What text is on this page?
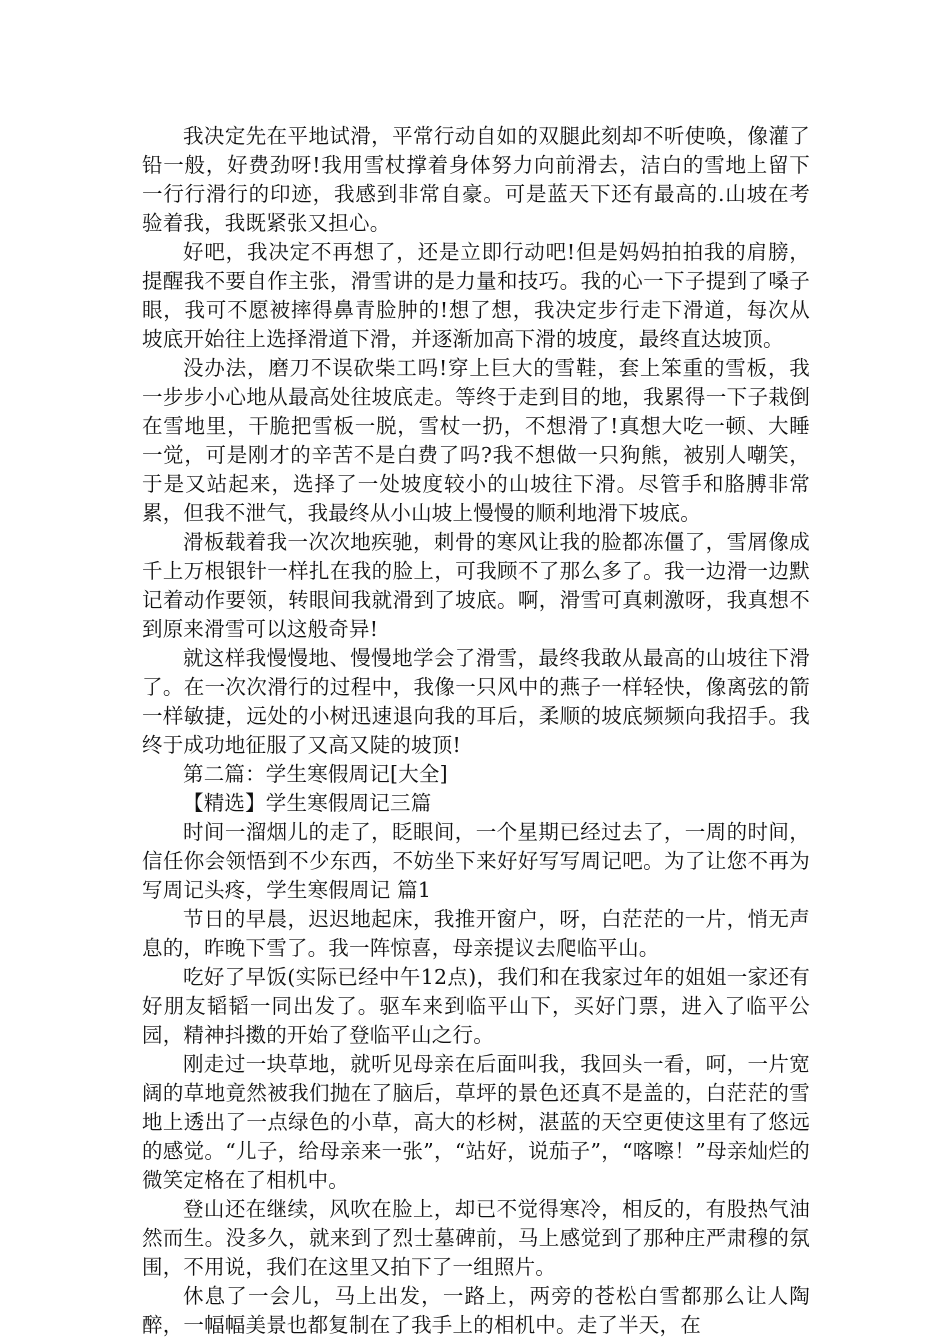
我决定先在平地试滑，平常行动自如的双腿此刻却不听使唤，像灌了铅一般，好费劲呀!我用雪杖撑着身体努力向前滑去，洁白的雪地上留下一行行滑行的印迹，我感到非常自豪。可是蓝天下还有最高的.山坡在考验着我，我既紧张又担心。

好吧，我决定不再想了，还是立即行动吧!但是妈妈拍拍我的肩膀，提醒我不要自作主张，滑雪讲的是力量和技巧。我的心一下子提到了嗓子眼，我可不愿被摔得鼻青脸肿的!想了想，我决定步行走下滑道，每次从坡底开始往上选择滑道下滑，并逐渐加高下滑的坡度，最终直达坡顶。

没办法，磨刀不误砍柴工吗!穿上巨大的雪鞋，套上笨重的雪板，我一步步小心地从最高处往坡底走。等终于走到目的地，我累得一下子栽倒在雪地里，干脆把雪板一脱，雪杖一扔，不想滑了!真想大吃一顿、大睡一觉，可是刚才的辛苦不是白费了吗?我不想做一只狗熊，被别人嘲笑，于是又站起来，选择了一处坡度较小的山坡往下滑。尽管手和胳膊非常累，但我不泄气，我最终从小山坡上慢慢的顺利地滑下坡底。

滑板载着我一次次地疾驰，刺骨的寒风让我的脸都冻僵了，雪屑像成千上万根银针一样扎在我的脸上，可我顾不了那么多了。我一边滑一边默记着动作要领，转眼间我就滑到了坡底。啊，滑雪可真刺激呀，我真想不到原来滑雪可以这般奇异!

就这样我慢慢地、慢慢地学会了滑雪，最终我敢从最高的山坡往下滑了。在一次次滑行的过程中，我像一只风中的燕子一样轻快，像离弦的箭一样敏捷，远处的小树迅速退向我的耳后，柔顺的坡底频频向我招手。我终于成功地征服了又高又陡的坡顶!

第二篇：学生寒假周记[大全]

【精选】学生寒假周记三篇

时间一溜烟儿的走了，眨眼间，一个星期已经过去了，一周的时间，信任你会领悟到不少东西，不妨坐下来好好写写周记吧。为了让您不再为写周记头疼，学生寒假周记 篇1

节日的早晨，迟迟地起床，我推开窗户，呀，白茫茫的一片，悄无声息的，昨晚下雪了。我一阵惊喜，母亲提议去爬临平山。

吃好了早饭(实际已经中午12点)，我们和在我家过年的姐姐一家还有好朋友韬韬一同出发了。驱车来到临平山下，买好门票，进入了临平公园，精神抖擞的开始了登临平山之行。

刚走过一块草地，就听见母亲在后面叫我，我回头一看，呵，一片宽阔的草地竟然被我们抛在了脑后，草坪的景色还真不是盖的，白茫茫的雪地上透出了一点绿色的小草，高大的杉树，湛蓝的天空更使这里有了悠远的感觉。“儿子，给母亲来一张”，“站好，说茄子”，“喀嚓！”母亲灿烂的微笑定格在了相机中。

登山还在继续，风吹在脸上，却已不觉得寒冷，相反的，有股热气油然而生。没多久，就来到了烈士墓碑前，马上感觉到了那种庄严肃穆的氛围，不用说，我们在这里又拍下了一组照片。

休息了一会儿，马上出发，一路上，两旁的苍松白雪都那么让人陶醉，一幅幅美景也都复制在了我手上的相机中。走了半天，在
